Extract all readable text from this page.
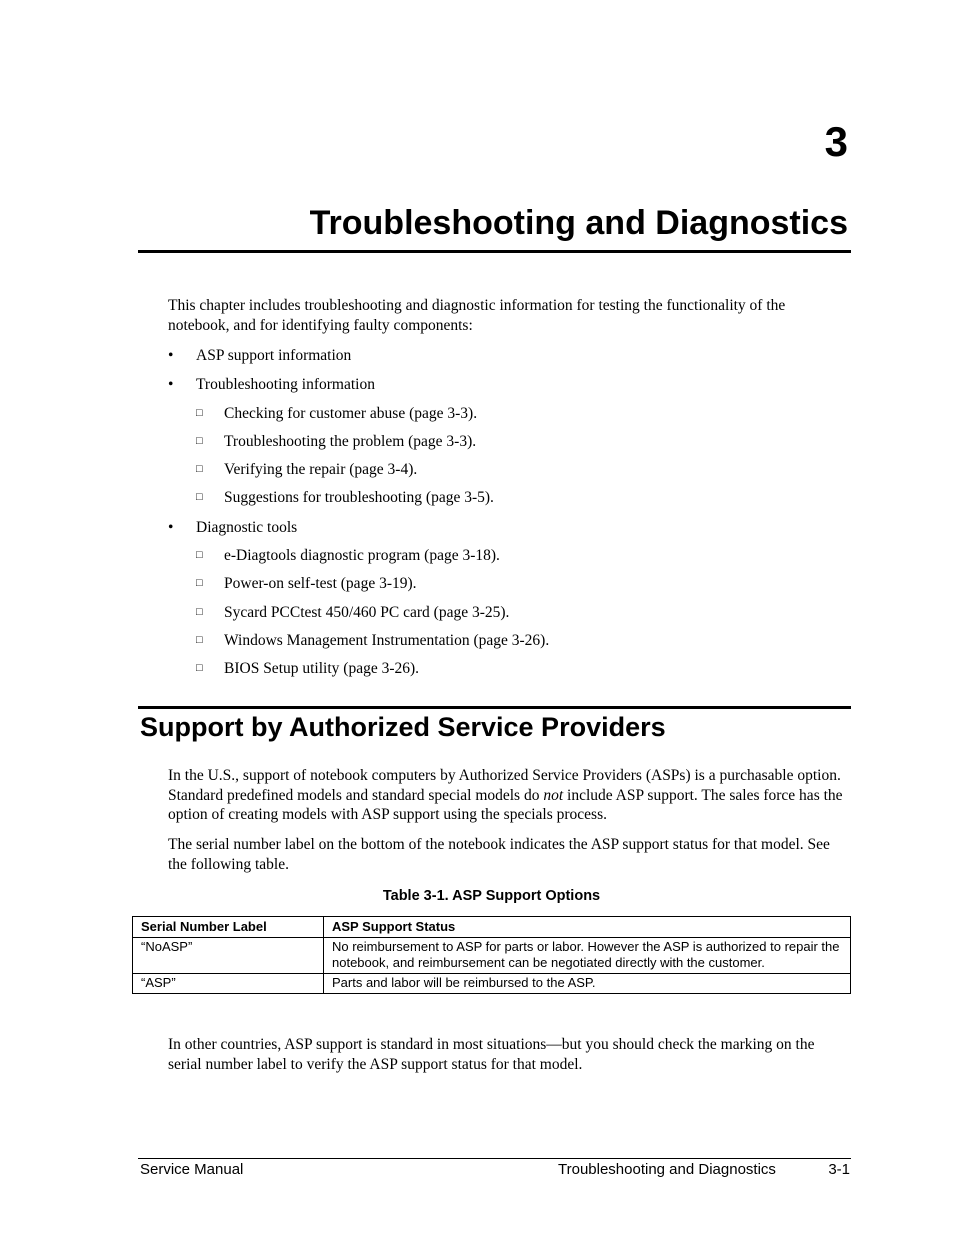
3
Troubleshooting and Diagnostics
This chapter includes troubleshooting and diagnostic information for testing the functionality of the notebook, and for identifying faulty components:
•	ASP support information
•	Troubleshooting information
□ Checking for customer abuse (page 3-3).
□ Troubleshooting the problem (page 3-3).
□ Verifying the repair (page 3-4).
□ Suggestions for troubleshooting (page 3-5).
•	Diagnostic tools
□ e-Diagtools diagnostic program (page 3-18).
□ Power-on self-test (page 3-19).
□ Sycard PCCtest 450/460 PC card (page 3-25).
□ Windows Management Instrumentation (page 3-26).
□ BIOS Setup utility (page 3-26).
Support by Authorized Service Providers
In the U.S., support of notebook computers by Authorized Service Providers (ASPs) is a purchasable option. Standard predefined models and standard special models do not include ASP support. The sales force has the option of creating models with ASP support using the specials process.
The serial number label on the bottom of the notebook indicates the ASP support status for that model. See the following table.
Table 3-1. ASP Support Options
Serial Number Label	ASP Support Status
“NoASP”	No reimbursement to ASP for parts or labor. However the ASP is authorized to repair the notebook, and reimbursement can be negotiated directly with the customer.
“ASP”	Parts and labor will be reimbursed to the ASP.
In other countries, ASP support is standard in most situations—but you should check the marking on the serial number label to verify the ASP support status for that model.
Service Manual	Troubleshooting and Diagnostics	3-1
